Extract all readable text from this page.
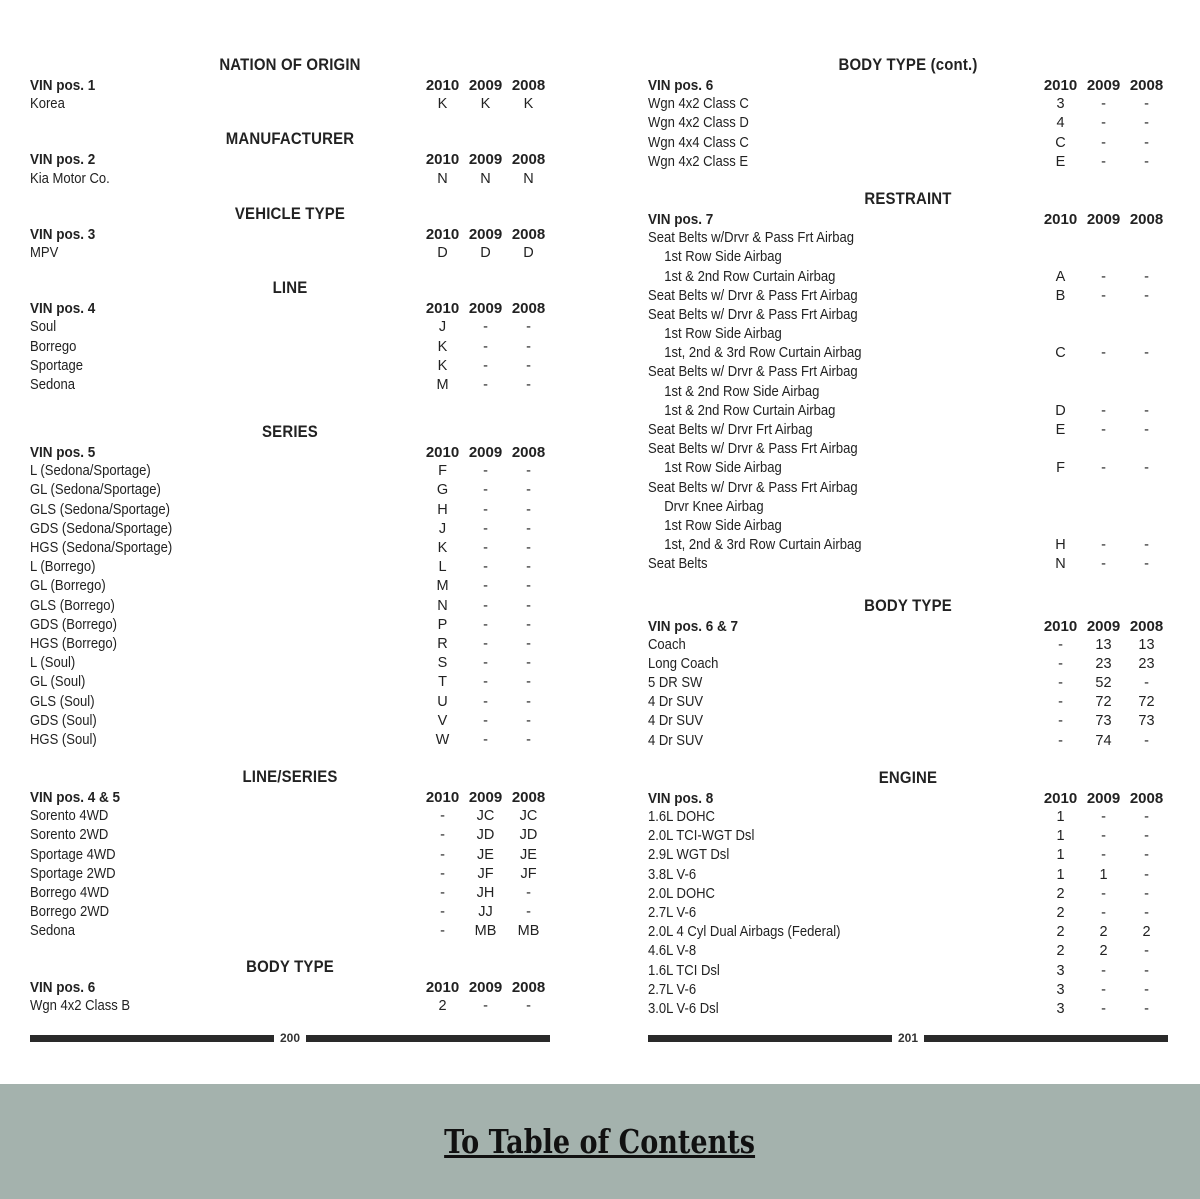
NATION OF ORIGIN
VIN pos. 1	2010 2009 2008
Korea	K	K	K
MANUFACTURER
VIN pos. 2	2010 2009 2008
Kia Motor Co.	N	N	N
VEHICLE TYPE
VIN pos. 3	2010 2009 2008
MPV	D	D	D
LINE
VIN pos. 4	2010 2009 2008
Soul	J	-	-
Borrego	K	-	-
Sportage	K	-	-
Sedona	M	-	-
SERIES
VIN pos. 5	2010 2009 2008
L (Sedona/Sportage)	F	-	-
GL (Sedona/Sportage)	G	-	-
GLS (Sedona/Sportage)	H	-	-
GDS (Sedona/Sportage)	J	-	-
HGS (Sedona/Sportage)	K	-	-
L (Borrego)	L	-	-
GL (Borrego)	M	-	-
GLS (Borrego)	N	-	-
GDS (Borrego)	P	-	-
HGS (Borrego)	R	-	-
L (Soul)	S	-	-
GL (Soul)	T	-	-
GLS (Soul)	U	-	-
GDS (Soul)	V	-	-
HGS (Soul)	W	-	-
LINE/SERIES
VIN pos. 4 & 5	2010 2009 2008
Sorento 4WD	-	JC	JC
Sorento 2WD	-	JD	JD
Sportage 4WD	-	JE	JE
Sportage 2WD	-	JF	JF
Borrego 4WD	-	JH	-
Borrego 2WD	-	JJ	-
Sedona	-	MB	MB
BODY TYPE
VIN pos. 6	2010 2009 2008
Wgn 4x2 Class B	2	-	-
200
BODY TYPE (cont.)
VIN pos. 6	2010 2009 2008
Wgn 4x2 Class C	3	-	-
Wgn 4x2 Class D	4	-	-
Wgn 4x4 Class C	C	-	-
Wgn 4x2 Class E	E	-	-
RESTRAINT
VIN pos. 7	2010 2009 2008
Seat Belts w/Drvr & Pass Frt Airbag
1st Row Side Airbag
1st & 2nd Row Curtain Airbag	A	-	-
Seat Belts w/ Drvr & Pass Frt Airbag	B	-	-
Seat Belts w/ Drvr & Pass Frt Airbag
1st Row Side Airbag
1st, 2nd & 3rd Row Curtain Airbag	C	-	-
Seat Belts w/ Drvr & Pass Frt Airbag
1st & 2nd Row Side Airbag
1st & 2nd Row Curtain Airbag	D	-	-
Seat Belts w/ Drvr Frt Airbag	E	-	-
Seat Belts w/ Drvr & Pass Frt Airbag
1st Row Side Airbag	F	-	-
Seat Belts w/ Drvr & Pass Frt Airbag
Drvr Knee Airbag
1st Row Side Airbag
1st, 2nd & 3rd Row Curtain Airbag	H	-	-
Seat Belts	N	-	-
BODY TYPE
VIN pos. 6 & 7	2010 2009 2008
Coach	-	13	13
Long Coach	-	23	23
5 DR SW	-	52	-
4 Dr SUV	-	72	72
4 Dr SUV	-	73	73
4 Dr SUV	-	74	-
ENGINE
VIN pos. 8	2010 2009 2008
1.6L DOHC	1	-	-
2.0L TCI-WGT Dsl	1	-	-
2.9L WGT Dsl	1	-	-
3.8L V-6	1	1	-
2.0L DOHC	2	-	-
2.7L V-6	2	-	-
2.0L 4 Cyl Dual Airbags (Federal)	2	2	2
4.6L V-8	2	2	-
1.6L TCI Dsl	3	-	-
2.7L V-6	3	-	-
3.0L V-6 Dsl	3	-	-
201
To Table of Contents
